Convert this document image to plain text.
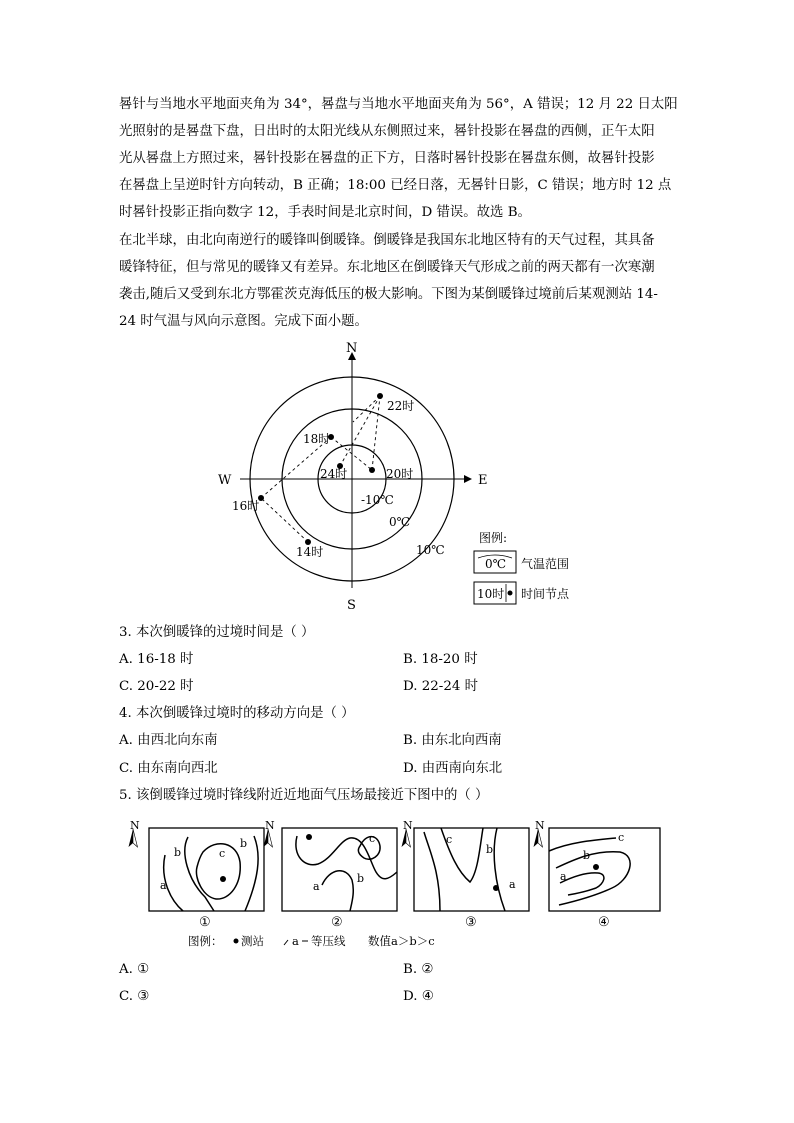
晷针与当地水平地面夹角为 34°，晷盘与当地水平地面夹角为 56°，A 错误；12 月 22 日太阳
光照射的是晷盘下盘，日出时的太阳光线从东侧照过来，晷针投影在晷盘的西侧，正午太阳
光从晷盘上方照过来，晷针投影在晷盘的正下方，日落时晷针投影在晷盘东侧，故晷针投影
在晷盘上呈逆时针方向转动，B 正确；18:00 已经日落，无晷针日影，C 错误；地方时 12 点
时晷针投影正指向数字 12，手表时间是北京时间，D 错误。故选 B。
在北半球，由北向南逆行的暖锋叫倒暖锋。倒暖锋是我国东北地区特有的天气过程，其具备
暖锋特征，但与常见的暖锋又有差异。东北地区在倒暖锋天气形成之前的两天都有一次寒潮
袭击,随后又受到东北方鄂霍茨克海低压的极大影响。下图为某倒暖锋过境前后某观测站 14-
24 时气温与风向示意图。完成下面小题。
N
S
W	E
14时
16时
18时
20时
22时
24时
-10℃
0℃
10℃
图例:
0℃ 气温范围
10时 时间节点
3. 本次倒暖锋的过境时间是（ ）
A. 16-18 时	B. 18-20 时
C. 20-22 时	D. 22-24 时
4. 本次倒暖锋过境时的移动方向是（ ）
A. 由西北向东南	B. 由东北向西南
C. 由东南向西北	D. 由西南向东北
5. 该倒暖锋过境时锋线附近近地面气压场最接近下图中的（ ）
N
c
b
b
a
①
N
c
b
a
②
N
c
b
a
③
N
c
b
a
④
图例： 测站 a 等压线 数值a＞b＞c
A. ①	B. ②
C. ③	D. ④
